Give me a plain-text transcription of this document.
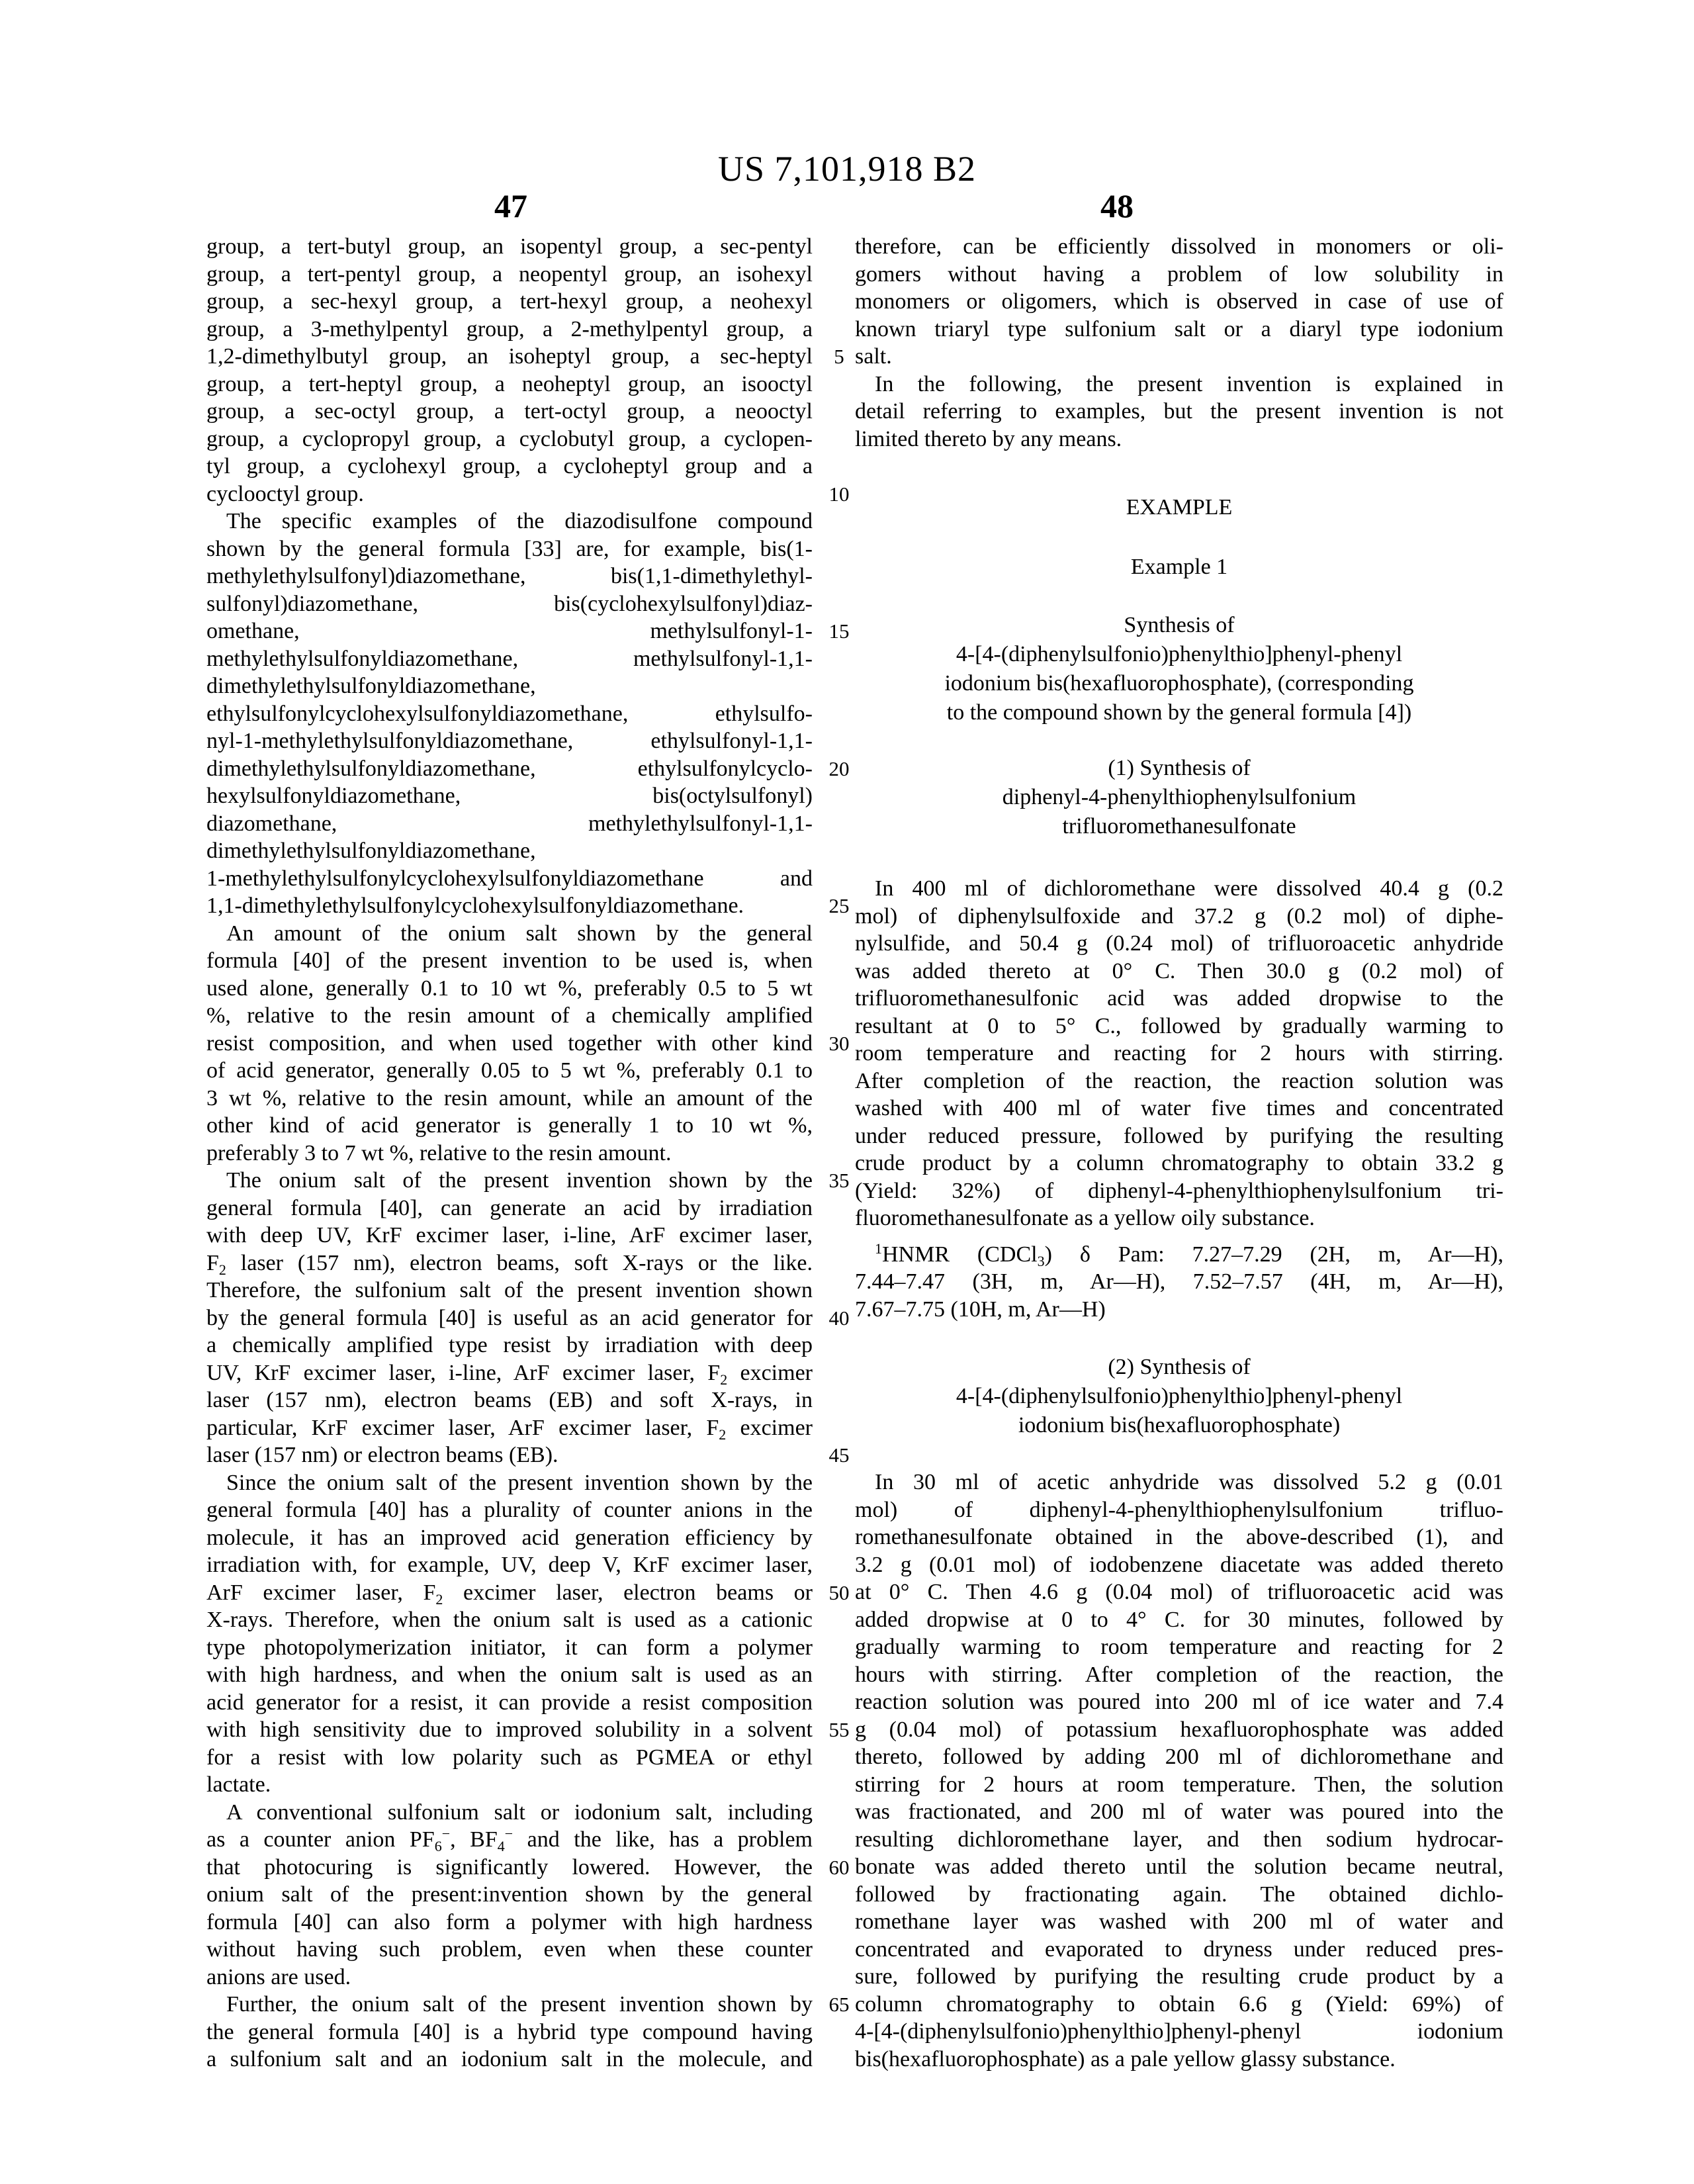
US 7,101,918 B2
47	48
group, a tert-butyl group, an isopentyl group, a sec-pentyl
group, a tert-pentyl group, a neopentyl group, an isohexyl
group, a sec-hexyl group, a tert-hexyl group, a neohexyl
group, a 3-methylpentyl group, a 2-methylpentyl group, a
1,2-dimethylbutyl group, an isoheptyl group, a sec-heptyl
group, a tert-heptyl group, a neoheptyl group, an isooctyl
group, a sec-octyl group, a tert-octyl group, a neooctyl
group, a cyclopropyl group, a cyclobutyl group, a cyclopen-
tyl group, a cyclohexyl group, a cycloheptyl group and a
cyclooctyl group.
The specific examples of the diazodisulfone compound
shown by the general formula [33] are, for example, bis(1-
methylethylsulfonyl)diazomethane, bis(1,1-dimethylethyl-
sulfonyl)diazomethane, bis(cyclohexylsulfonyl)diaz-
omethane, methylsulfonyl-1-
methylethylsulfonyldiazomethane, methylsulfonyl-1,1-
dimethylethylsulfonyldiazomethane,
ethylsulfonylcyclohexylsulfonyldiazomethane, ethylsulfo-
nyl-1-methylethylsulfonyldiazomethane, ethylsulfonyl-1,1-
dimethylethylsulfonyldiazomethane, ethylsulfonylcyclo-
hexylsulfonyldiazomethane, bis(octylsulfonyl)
diazomethane, methylethylsulfonyl-1,1-
dimethylethylsulfonyldiazomethane,
1-methylethylsulfonylcyclohexylsulfonyldiazomethane and
1,1-dimethylethylsulfonylcyclohexylsulfonyldiazomethane.
An amount of the onium salt shown by the general
formula [40] of the present invention to be used is, when
used alone, generally 0.1 to 10 wt %, preferably 0.5 to 5 wt
%, relative to the resin amount of a chemically amplified
resist composition, and when used together with other kind
of acid generator, generally 0.05 to 5 wt %, preferably 0.1 to
3 wt %, relative to the resin amount, while an amount of the
other kind of acid generator is generally 1 to 10 wt %,
preferably 3 to 7 wt %, relative to the resin amount.
The onium salt of the present invention shown by the
general formula [40], can generate an acid by irradiation
with deep UV, KrF excimer laser, i-line, ArF excimer laser,
$F_2$ laser (157 nm), electron beams, soft X-rays or the like.
Therefore, the sulfonium salt of the present invention shown
by the general formula [40] is useful as an acid generator for
a chemically amplified type resist by irradiation with deep
UV, KrF excimer laser, i-line, ArF excimer laser, $F_2$ excimer
laser (157 nm), electron beams (EB) and soft X-rays, in
particular, KrF excimer laser, ArF excimer laser, $F_2$ excimer
laser (157 nm) or electron beams (EB).
Since the onium salt of the present invention shown by the
general formula [40] has a plurality of counter anions in the
molecule, it has an improved acid generation efficiency by
irradiation with, for example, UV, deep V, KrF excimer laser,
ArF excimer laser, $F_2$ excimer laser, electron beams or
X-rays. Therefore, when the onium salt is used as a cationic
type photopolymerization initiator, it can form a polymer
with high hardness, and when the onium salt is used as an
acid generator for a resist, it can provide a resist composition
with high sensitivity due to improved solubility in a solvent
for a resist with low polarity such as PGMEA or ethyl
lactate.
A conventional sulfonium salt or iodonium salt, including
as a counter anion $PF_6^-$, $BF_4^-$ and the like, has a problem
that photocuring is significantly lowered. However, the
onium salt of the present:invention shown by the general
formula [40] can also form a polymer with high hardness
without having such problem, even when these counter
anions are used.
Further, the onium salt of the present invention shown by
the general formula [40] is a hybrid type compound having
a sulfonium salt and an iodonium salt in the molecule, and
5
10
15
20
25
30
35
40
45
50
55
60
65
therefore, can be efficiently dissolved in monomers or oli-
gomers without having a problem of low solubility in
monomers or oligomers, which is observed in case of use of
known triaryl type sulfonium salt or a diaryl type iodonium
salt.
In the following, the present invention is explained in
detail referring to examples, but the present invention is not
limited thereto by any means.
EXAMPLE
Example 1
Synthesis of
4-[4-(diphenylsulfonio)phenylthio]phenyl-phenyl
iodonium bis(hexafluorophosphate), (corresponding
to the compound shown by the general formula [4])
(1) Synthesis of
diphenyl-4-phenylthiophenylsulfonium
trifluoromethanesulfonate
In 400 ml of dichloromethane were dissolved 40.4 g (0.2
mol) of diphenylsulfoxide and 37.2 g (0.2 mol) of diphe-
nylsulfide, and 50.4 g (0.24 mol) of trifluoroacetic anhydride
was added thereto at 0° C. Then 30.0 g (0.2 mol) of
trifluoromethanesulfonic acid was added dropwise to the
resultant at 0 to 5° C., followed by gradually warming to
room temperature and reacting for 2 hours with stirring.
After completion of the reaction, the reaction solution was
washed with 400 ml of water five times and concentrated
under reduced pressure, followed by purifying the resulting
crude product by a column chromatography to obtain 33.2 g
(Yield: 32%) of diphenyl-4-phenylthiophenylsulfonium tri-
fluoromethanesulfonate as a yellow oily substance.
$^1$HNMR (CDCl$_3$) δ Pam: 7.27–7.29 (2H, m, Ar—H),
7.44–7.47 (3H, m, Ar—H), 7.52–7.57 (4H, m, Ar—H),
7.67–7.75 (10H, m, Ar—H)
(2) Synthesis of
4-[4-(diphenylsulfonio)phenylthio]phenyl-phenyl
iodonium bis(hexafluorophosphate)
In 30 ml of acetic anhydride was dissolved 5.2 g (0.01
mol) of diphenyl-4-phenylthiophenylsulfonium trifluo-
romethanesulfonate obtained in the above-described (1), and
3.2 g (0.01 mol) of iodobenzene diacetate was added thereto
at 0° C. Then 4.6 g (0.04 mol) of trifluoroacetic acid was
added dropwise at 0 to 4° C. for 30 minutes, followed by
gradually warming to room temperature and reacting for 2
hours with stirring. After completion of the reaction, the
reaction solution was poured into 200 ml of ice water and 7.4
g (0.04 mol) of potassium hexafluorophosphate was added
thereto, followed by adding 200 ml of dichloromethane and
stirring for 2 hours at room temperature. Then, the solution
was fractionated, and 200 ml of water was poured into the
resulting dichloromethane layer, and then sodium hydrocar-
bonate was added thereto until the solution became neutral,
followed by fractionating again. The obtained dichlo-
romethane layer was washed with 200 ml of water and
concentrated and evaporated to dryness under reduced pres-
sure, followed by purifying the resulting crude product by a
column chromatography to obtain 6.6 g (Yield: 69%) of
4-[4-(diphenylsulfonio)phenylthio]phenyl-phenyl iodonium
bis(hexafluorophosphate) as a pale yellow glassy substance.
